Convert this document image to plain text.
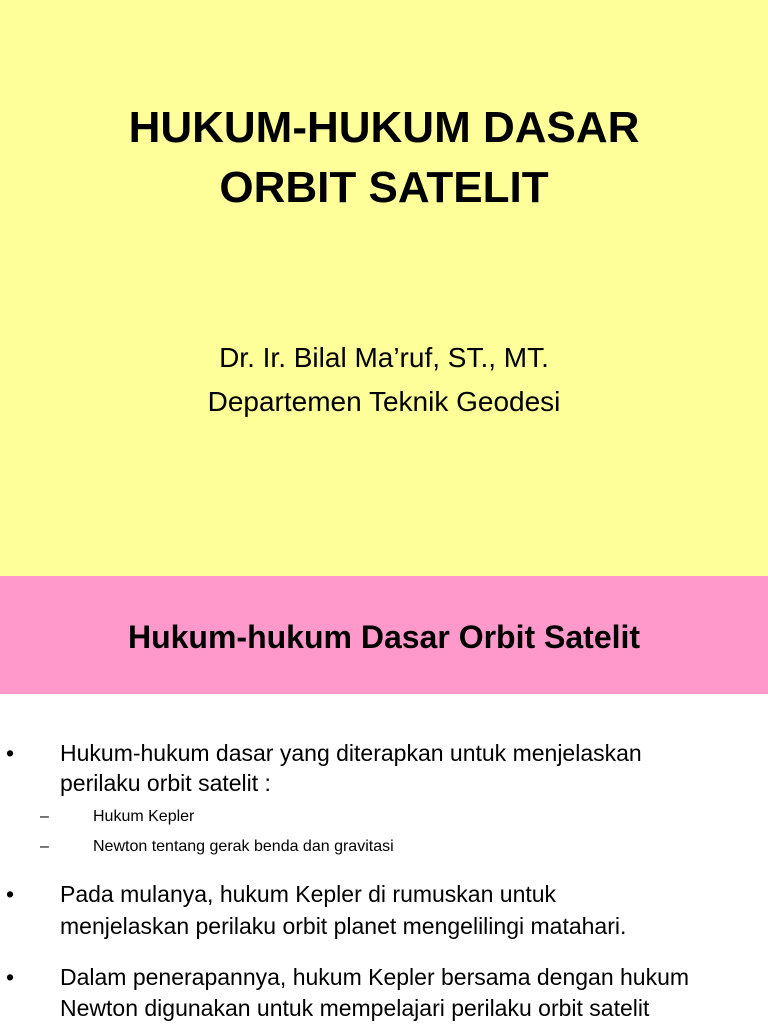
HUKUM-HUKUM DASAR
ORBIT SATELIT
Dr. Ir. Bilal Ma’ruf, ST., MT.
Departemen Teknik Geodesi
Hukum-hukum Dasar Orbit Satelit
• Hukum-hukum dasar yang diterapkan untuk menjelaskan
perilaku orbit satelit :
–	Hukum Kepler
–	Newton tentang gerak benda dan gravitasi
• Pada mulanya, hukum Kepler di rumuskan untuk
menjelaskan perilaku orbit planet mengelilingi matahari.
• Dalam penerapannya, hukum Kepler bersama dengan hukum
Newton digunakan untuk mempelajari perilaku orbit satelit
